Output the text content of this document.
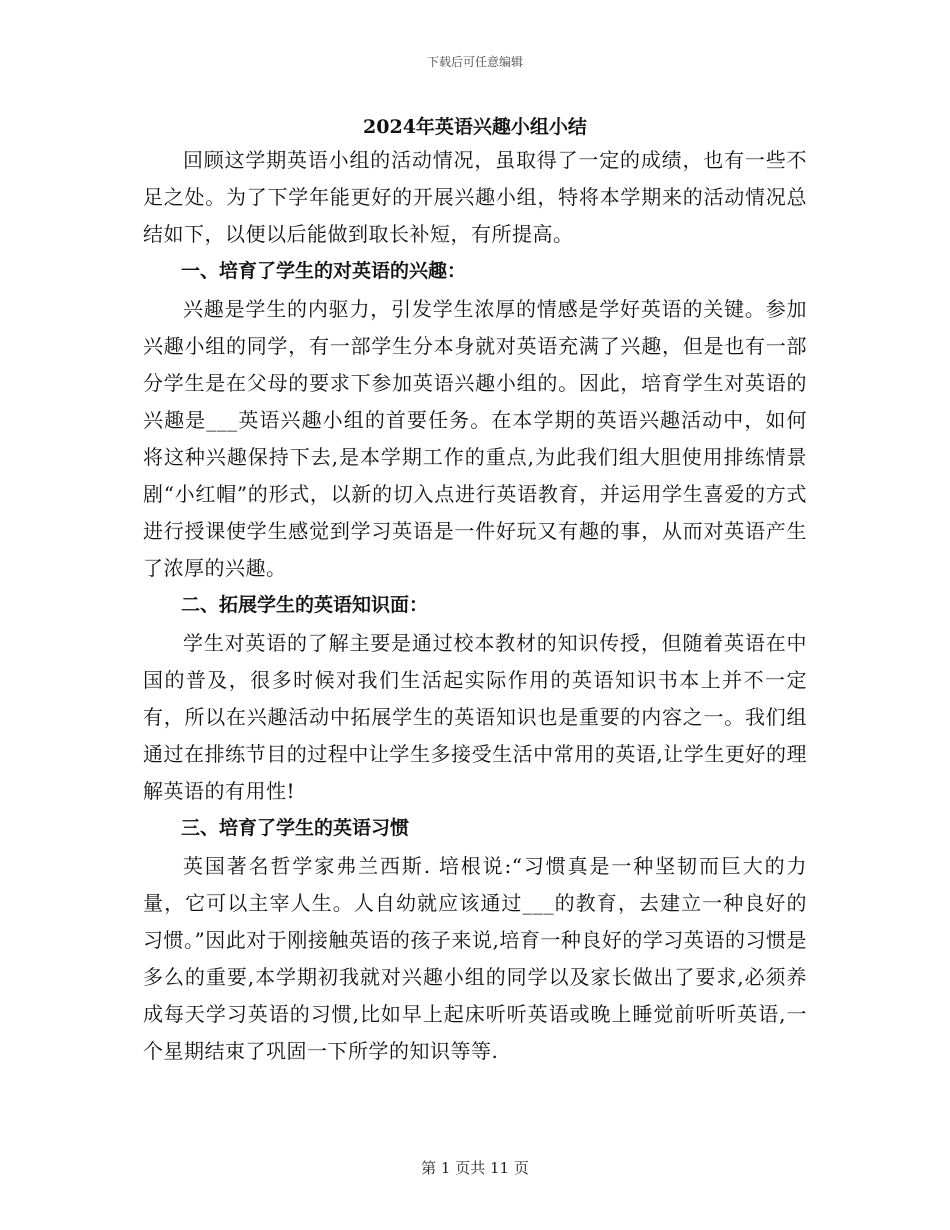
下载后可任意编辑
2024年英语兴趣小组小结

回顾这学期英语小组的活动情况，虽取得了一定的成绩，也有一些不足之处。为了下学年能更好的开展兴趣小组，特将本学期来的活动情况总结如下，以便以后能做到取长补短，有所提高。

一、培育了学生的对英语的兴趣：

兴趣是学生的内驱力，引发学生浓厚的情感是学好英语的关键。参加兴趣小组的同学，有一部学生分本身就对英语充满了兴趣，但是也有一部分学生是在父母的要求下参加英语兴趣小组的。因此，培育学生对英语的兴趣是___英语兴趣小组的首要任务。在本学期的英语兴趣活动中，如何将这种兴趣保持下去,是本学期工作的重点,为此我们组大胆使用排练情景剧“小红帽”的形式，以新的切入点进行英语教育，并运用学生喜爱的方式进行授课使学生感觉到学习英语是一件好玩又有趣的事，从而对英语产生了浓厚的兴趣。

二、拓展学生的英语知识面：

学生对英语的了解主要是通过校本教材的知识传授，但随着英语在中国的普及，很多时候对我们生活起实际作用的英语知识书本上并不一定有，所以在兴趣活动中拓展学生的英语知识也是重要的内容之一。我们组通过在排练节目的过程中让学生多接受生活中常用的英语,让学生更好的理解英语的有用性!

三、培育了学生的英语习惯

英国著名哲学家弗兰西斯. 培根说:“习惯真是一种坚韧而巨大的力量，它可以主宰人生。人自幼就应该通过___的教育，去建立一种良好的习惯。”因此对于刚接触英语的孩子来说,培育一种良好的学习英语的习惯是多么的重要,本学期初我就对兴趣小组的同学以及家长做出了要求,必须养成每天学习英语的习惯,比如早上起床听听英语或晚上睡觉前听听英语,一个星期结束了巩固一下所学的知识等等.

第 1 页共 11 页
